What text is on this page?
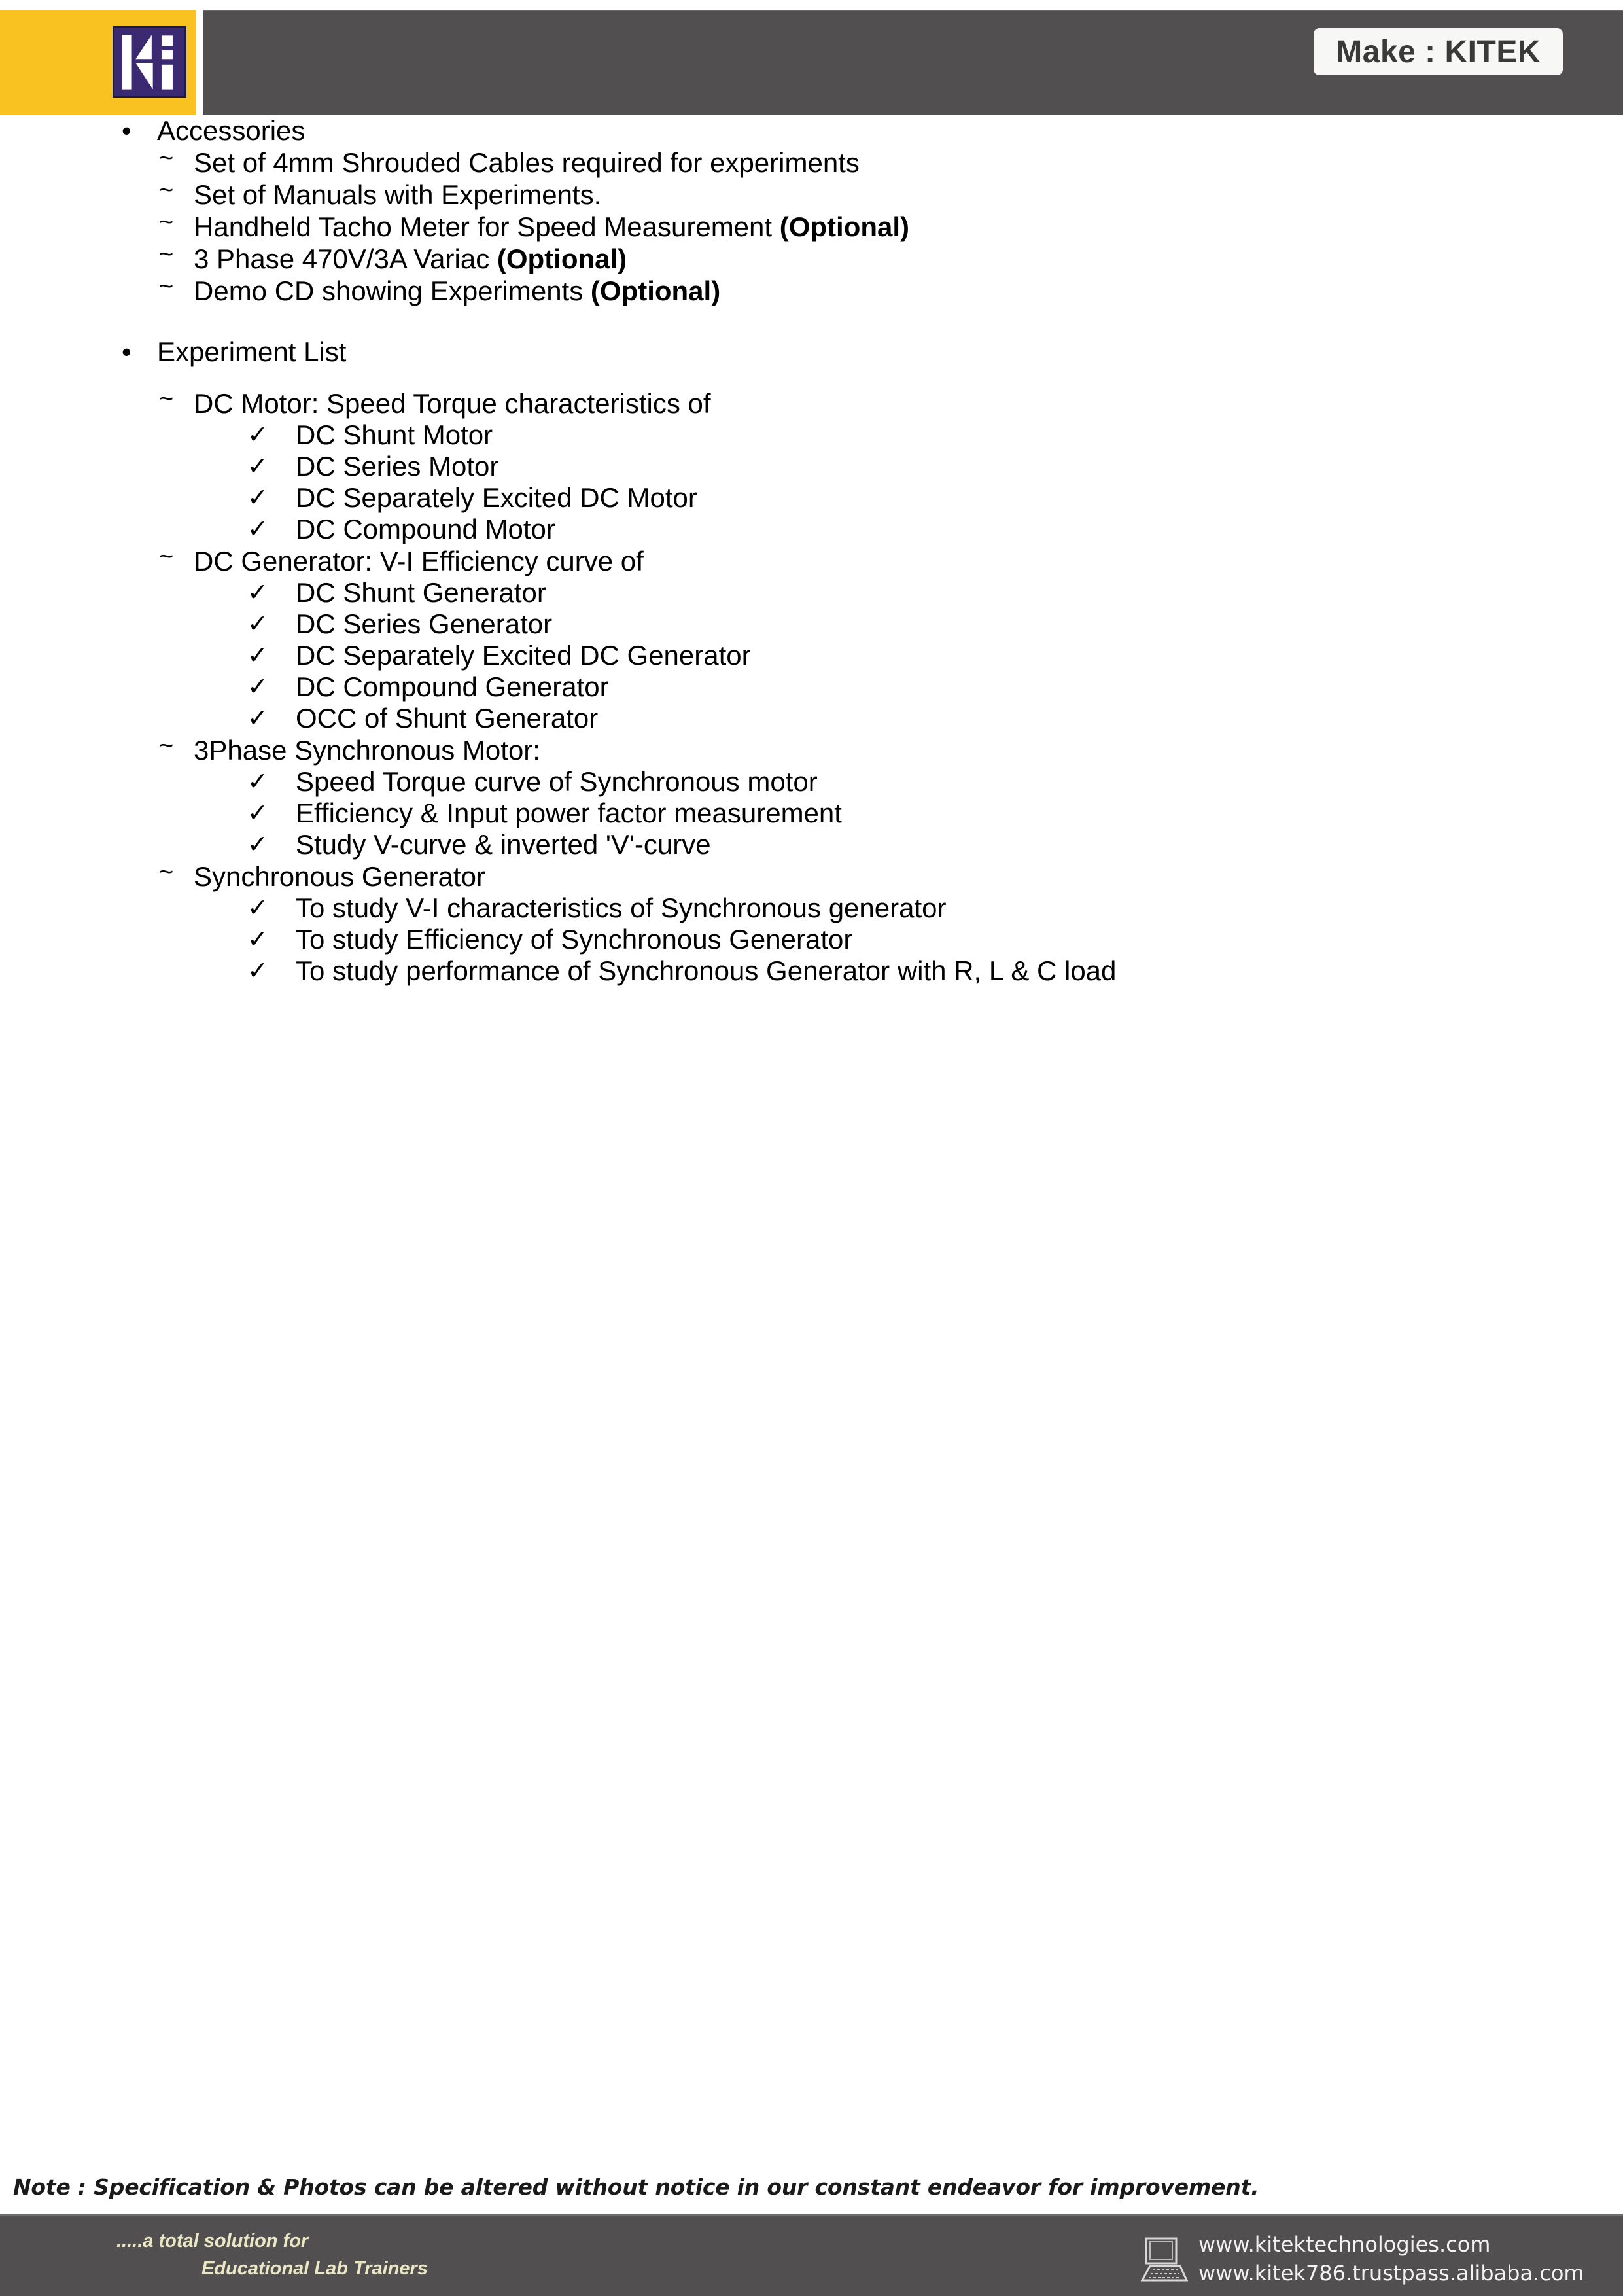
Make : KITEK
• Accessories
~ Set of 4mm Shrouded Cables required for experiments
~ Set of Manuals with Experiments.
~ Handheld Tacho Meter for Speed Measurement (Optional)
~ 3 Phase 470V/3A Variac (Optional)
~ Demo CD showing Experiments (Optional)
• Experiment List
~ DC Motor: Speed Torque characteristics of
✓ DC Shunt Motor
✓ DC Series Motor
✓ DC Separately Excited DC Motor
✓ DC Compound Motor
~ DC Generator: V-I Efficiency curve of
✓ DC Shunt Generator
✓ DC Series Generator
✓ DC Separately Excited DC Generator
✓ DC Compound Generator
✓ OCC of Shunt Generator
~ 3Phase Synchronous Motor:
✓ Speed Torque curve of Synchronous motor
✓ Efficiency & Input power factor measurement
✓ Study V-curve & inverted 'V'-curve
~ Synchronous Generator
✓ To study V-I characteristics of Synchronous generator
✓ To study Efficiency of Synchronous Generator
✓ To study performance of Synchronous Generator with R, L & C load
Note : Specification & Photos can be altered without notice in our constant endeavor for improvement.
.....a total solution for
Educational Lab Trainers
www.kitektechnologies.com
www.kitek786.trustpass.alibaba.com
